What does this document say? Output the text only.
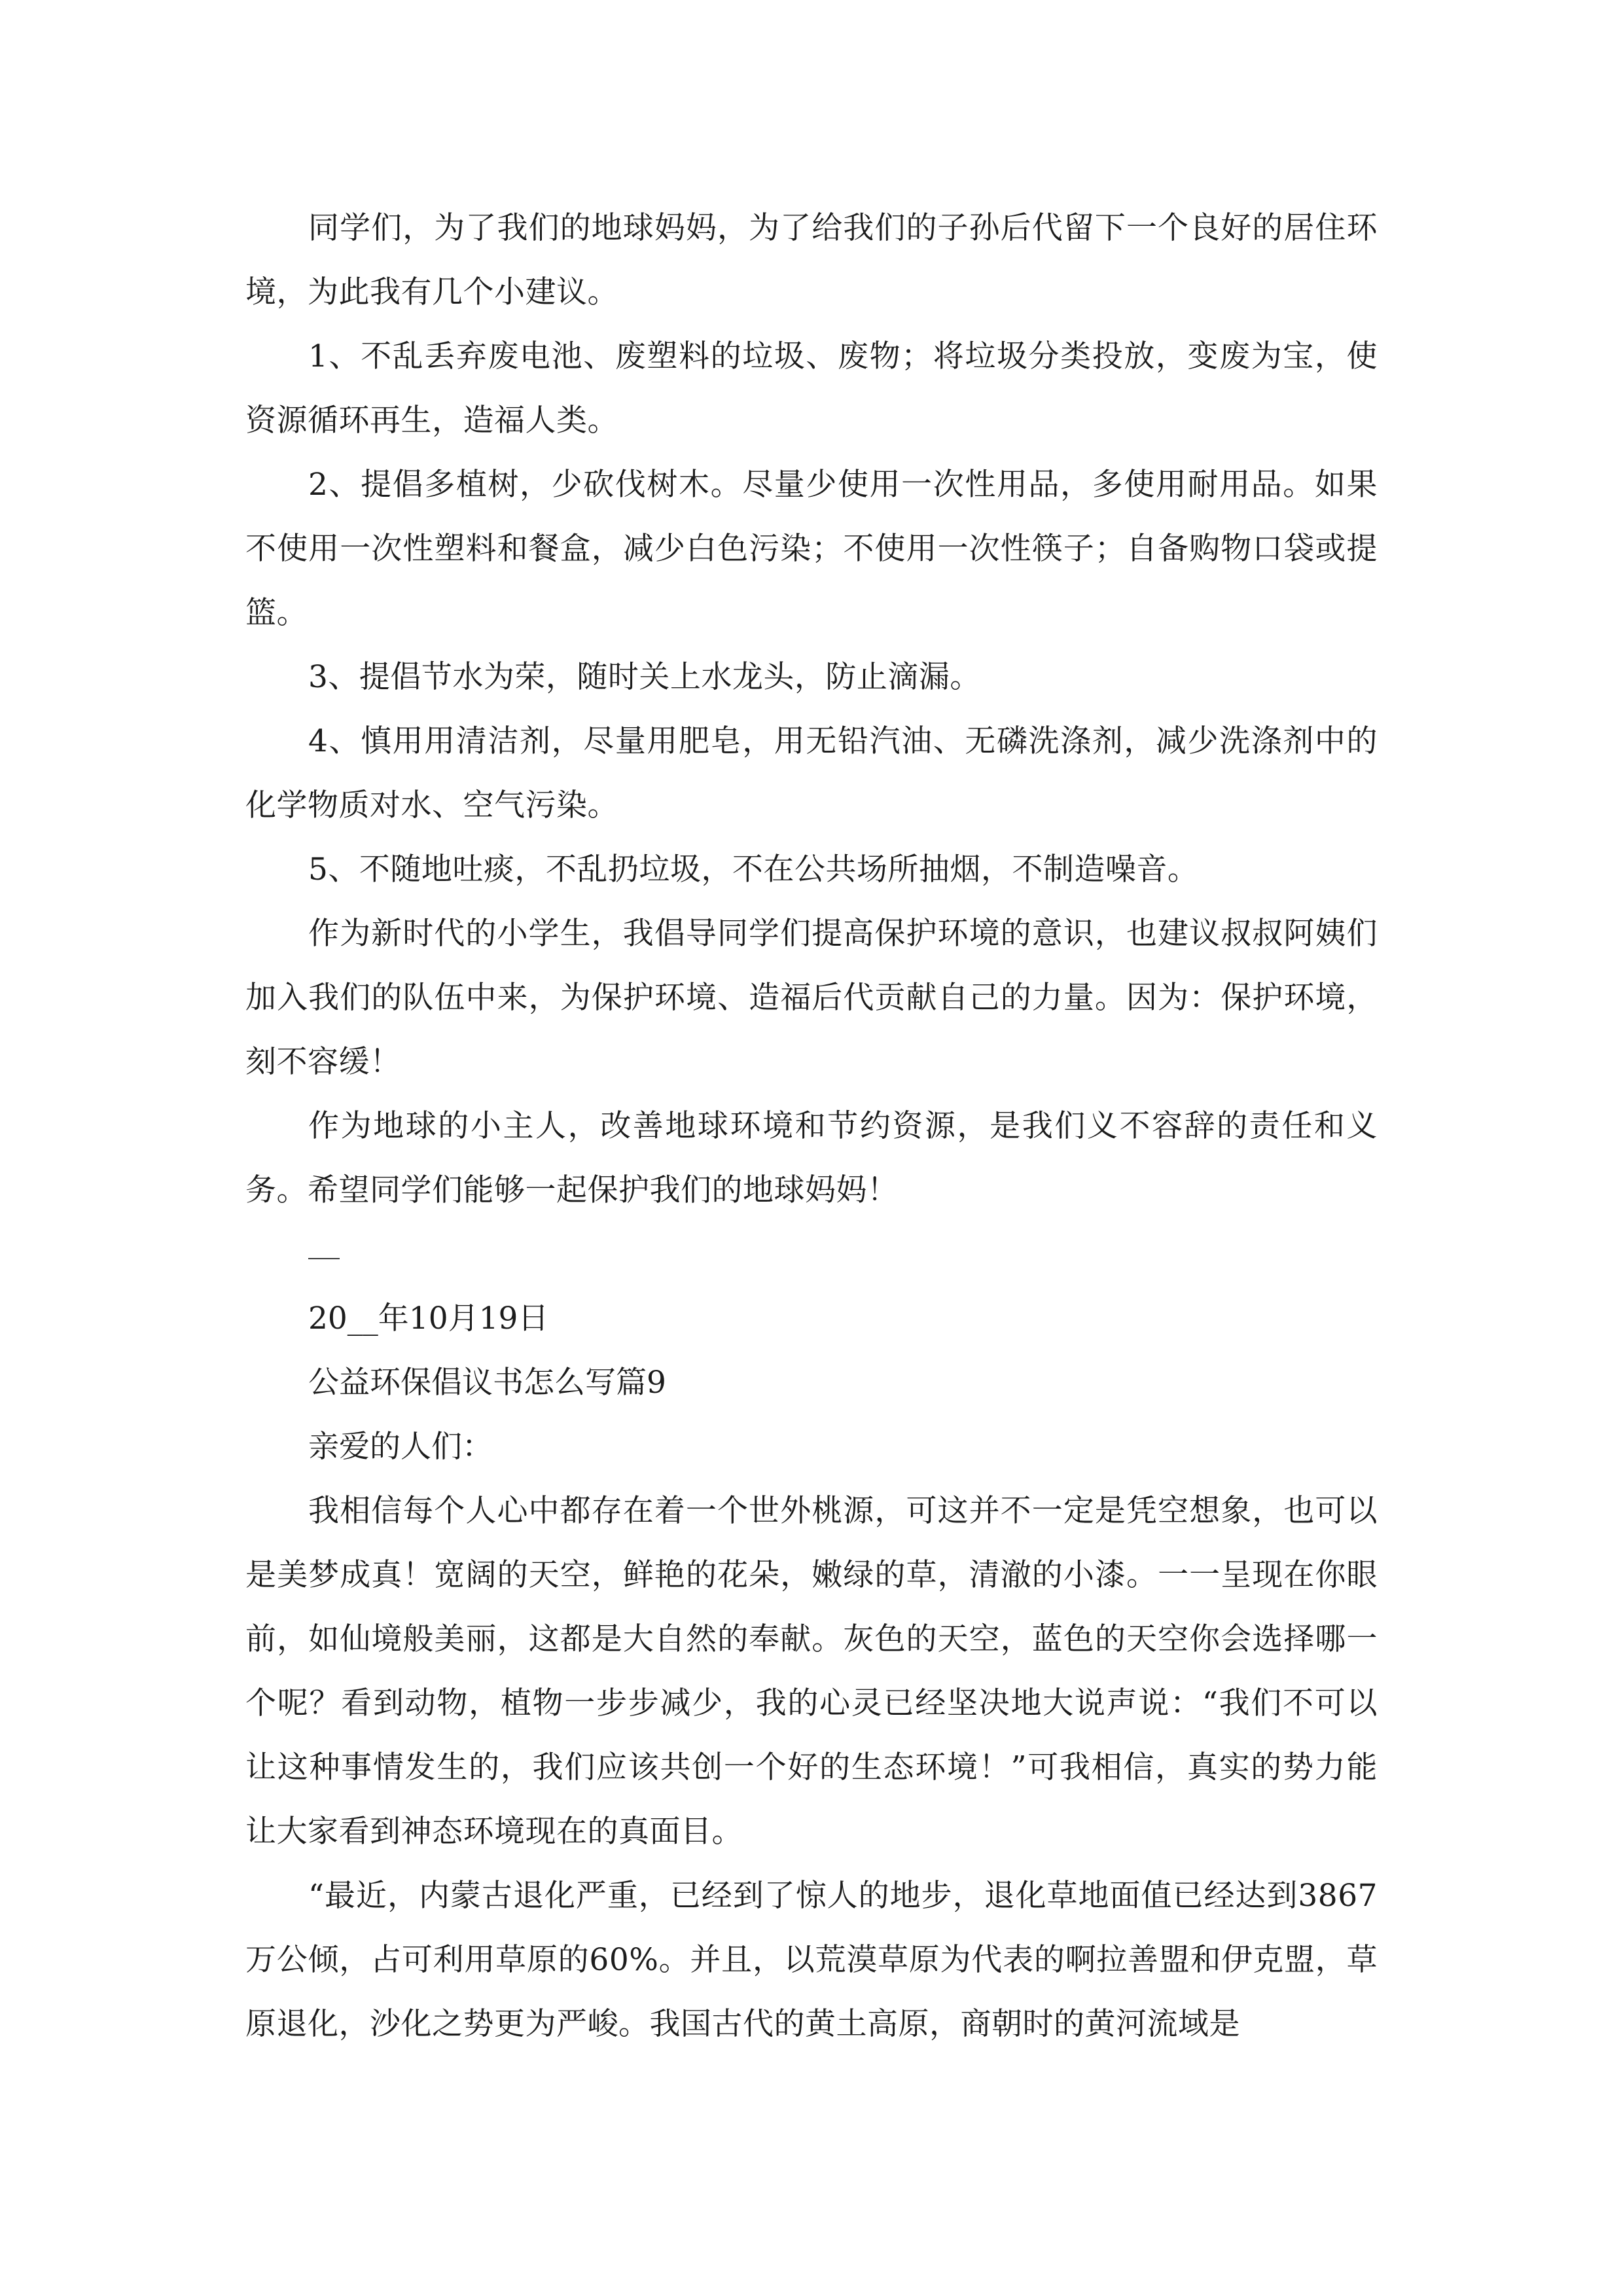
同学们，为了我们的地球妈妈，为了给我们的子孙后代留下一个良好的居住环境，为此我有几个小建议。

1、不乱丢弃废电池、废塑料的垃圾、废物；将垃圾分类投放，变废为宝，使资源循环再生，造福人类。

2、提倡多植树，少砍伐树木。尽量少使用一次性用品，多使用耐用品。如果不使用一次性塑料和餐盒，减少白色污染；不使用一次性筷子；自备购物口袋或提篮。

3、提倡节水为荣，随时关上水龙头，防止滴漏。

4、慎用用清洁剂，尽量用肥皂，用无铅汽油、无磷洗涤剂，减少洗涤剂中的化学物质对水、空气污染。

5、不随地吐痰，不乱扔垃圾，不在公共场所抽烟，不制造噪音。

作为新时代的小学生，我倡导同学们提高保护环境的意识，也建议叔叔阿姨们加入我们的队伍中来，为保护环境、造福后代贡献自己的力量。因为：保护环境，刻不容缓！

作为地球的小主人，改善地球环境和节约资源，是我们义不容辞的责任和义务。希望同学们能够一起保护我们的地球妈妈！

20__年10月19日

公益环保倡议书怎么写篇9

亲爱的人们：

我相信每个人心中都存在着一个世外桃源，可这并不一定是凭空想象，也可以是美梦成真！宽阔的天空，鲜艳的花朵，嫩绿的草，清澈的小漆。一一呈现在你眼前，如仙境般美丽，这都是大自然的奉献。灰色的天空，蓝色的天空你会选择哪一个呢？看到动物，植物一步步减少，我的心灵已经坚决地大说声说：“我们不可以让这种事情发生的，我们应该共创一个好的生态环境！”可我相信，真实的势力能让大家看到神态环境现在的真面目。

“最近，内蒙古退化严重，已经到了惊人的地步，退化草地面值已经达到3867万公倾，占可利用草原的60%。并且，以荒漠草原为代表的啊拉善盟和伊克盟，草原退化，沙化之势更为严峻。我国古代的黄土高原，商朝时的黄河流域是
